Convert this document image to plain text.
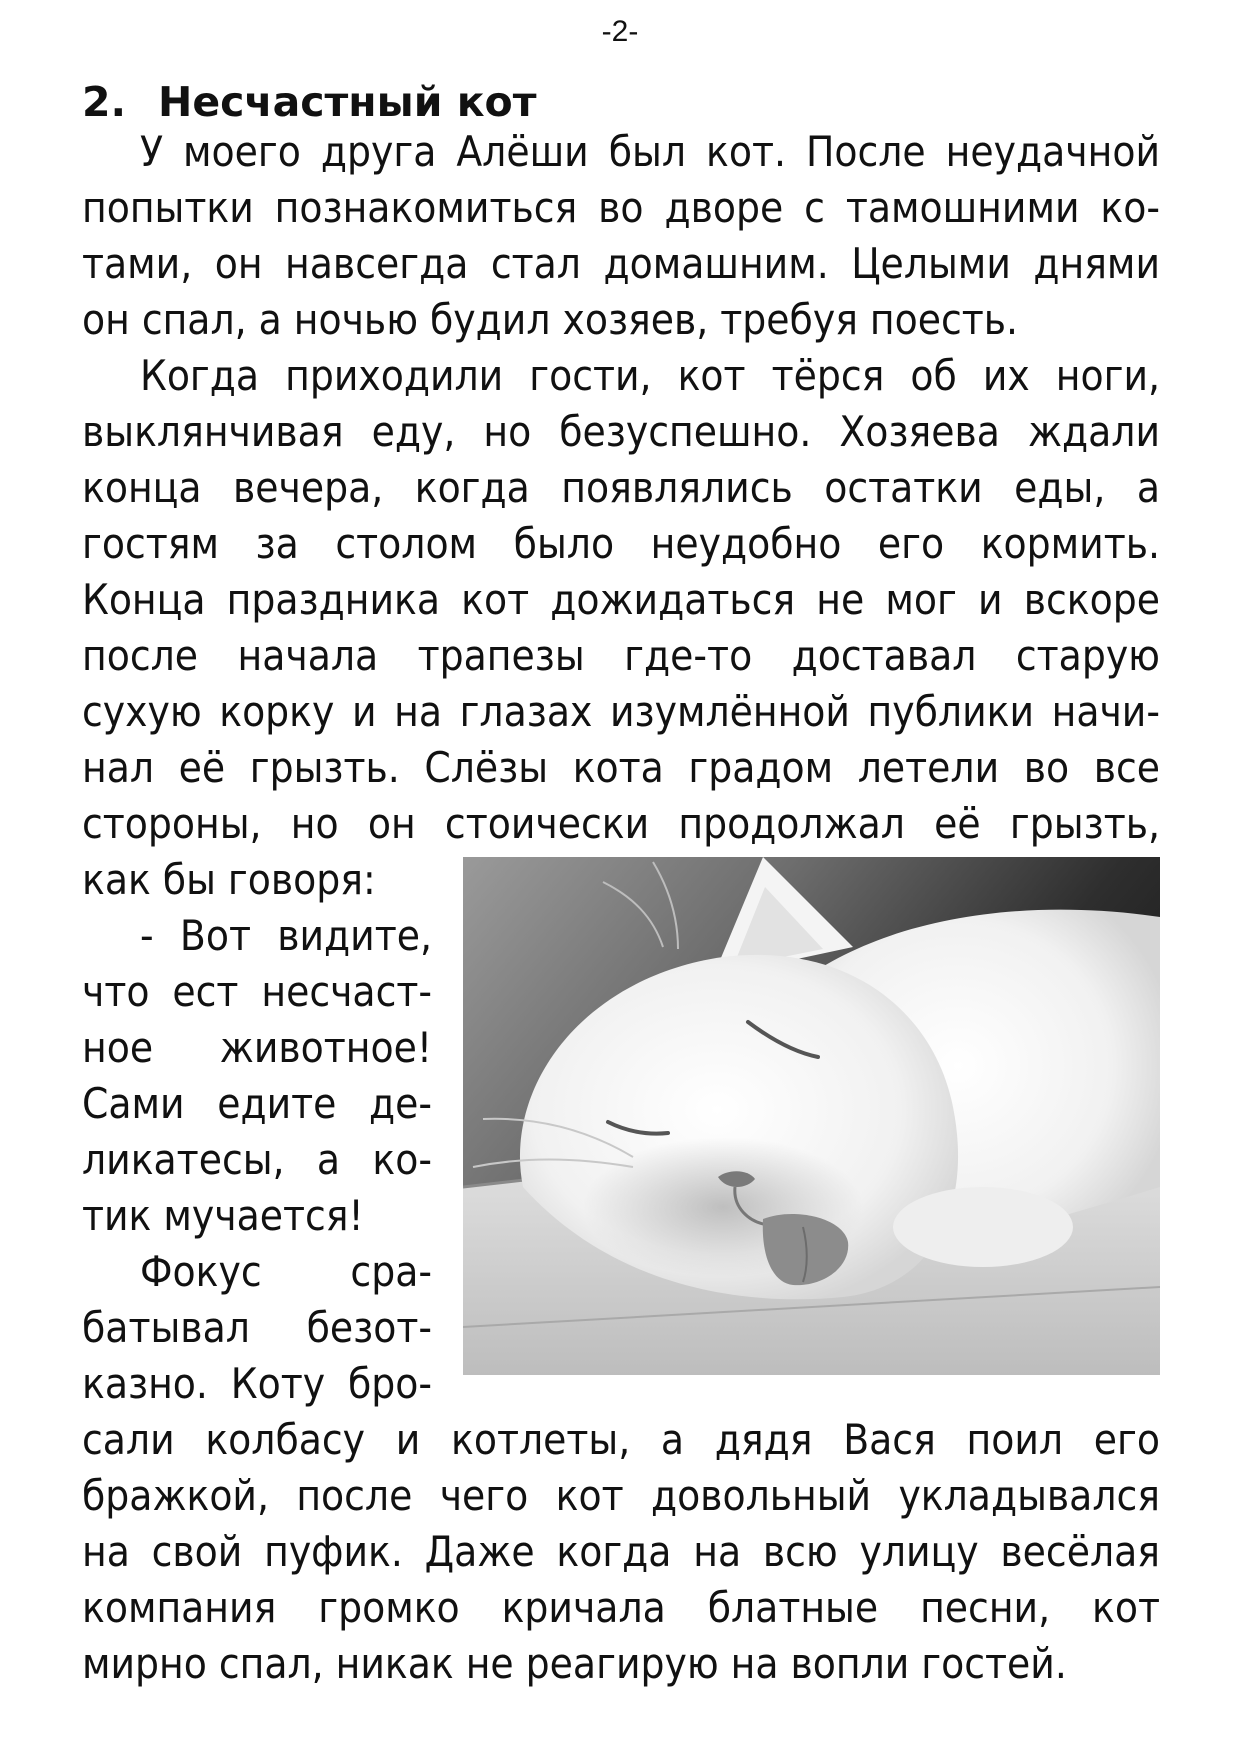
-2-
2. Несчастный кот
У моего друга Алёши был кот. После неудачной
попытки познакомиться во дворе с тамошними ко-
тами, он навсегда стал домашним. Целыми днями
он спал, а ночью будил хозяев, требуя поесть.
Когда приходили гости, кот тёрся об их ноги,
выклянчивая еду, но безуспешно. Хозяева ждали
конца вечера, когда появлялись остатки еды, а
гостям за столом было неудобно его кормить.
Конца праздника кот дожидаться не мог и вскоре
после начала трапезы где-то доставал старую
сухую корку и на глазах изумлённой публики начи-
нал её грызть. Слёзы кота градом летели во все
стороны, но он стоически продолжал её грызть,
как бы говоря:
- Вот видите,
что ест несчаст-
ное животное!
Сами едите де-
ликатесы, а ко-
тик мучается!
Фокус сра-
батывал безот-
казно. Коту бро-
сали колбасу и котлеты, а дядя Вася поил его
бражкой, после чего кот довольный укладывался
на свой пуфик. Даже когда на всю улицу весёлая
компания громко кричала блатные песни, кот
мирно спал, никак не реагирую на вопли гостей.
